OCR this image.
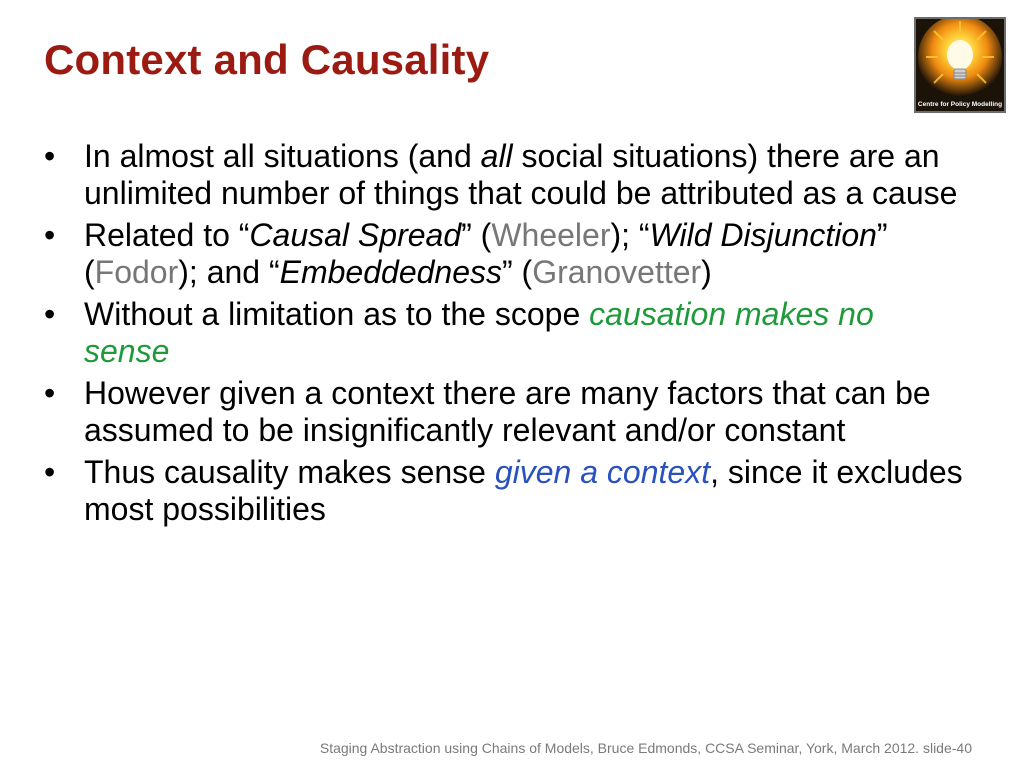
Context and Causality
Centre for Policy Modelling
• In almost all situations (and all social situations) there are an unlimited number of things that could be attributed as a cause
• Related to “Causal Spread” (Wheeler); “Wild Disjunction” (Fodor); and “Embeddedness” (Granovetter)
• Without a limitation as to the scope causation makes no sense
• However given a context there are many factors that can be assumed to be insignificantly relevant and/or constant
• Thus causality makes sense given a context, since it excludes most possibilities
Staging Abstraction using Chains of Models, Bruce Edmonds, CCSA Seminar, York, March 2012. slide-40
